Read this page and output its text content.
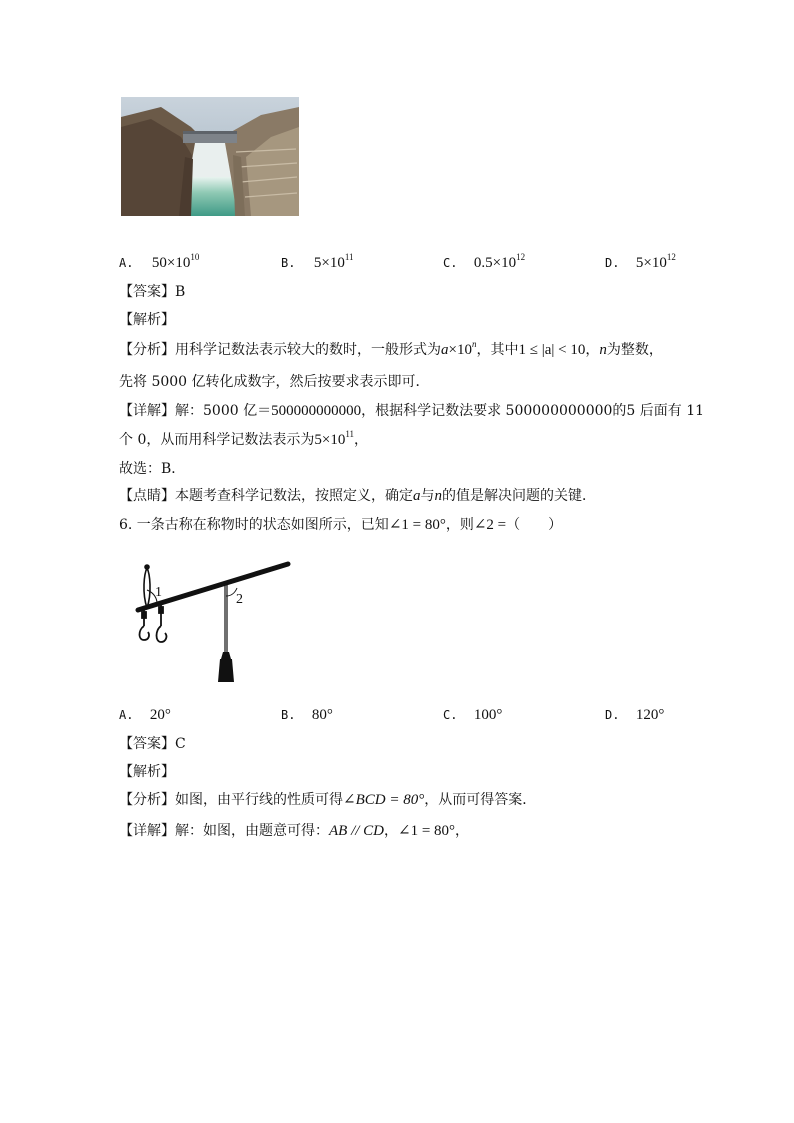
A. $50\times 10^{10}$	B. $5\times 10^{11}$	C. $0.5\times 10^{12}$	D. $5\times 10^{12}$
【答案】B
【解析】
【分析】用科学记数法表示较大的数时，一般形式为$a\times 10^n$，其中1 ≤ |a| < 10，n为整数，
先将 5000 亿转化成数字，然后按要求表示即可．
【详解】解：5000 亿＝500000000000，根据科学记数法要求 500000000000的5 后面有 11
个 0，从而用科学记数法表示为$5\times 10^{11}$，
故选：B．
【点睛】本题考查科学记数法，按照定义，确定a与n的值是解决问题的关键．
6. 一条古称在称物时的状态如图所示，已知∠1 = 80°，则∠2 =（　　）
1	2
A. 20°	B. 80°	C. 100°	D. 120°
【答案】C
【解析】
【分析】如图，由平行线的性质可得∠BCD = 80°，从而可得答案．
【详解】解：如图，由题意可得：AB // CD，∠1 = 80°，
